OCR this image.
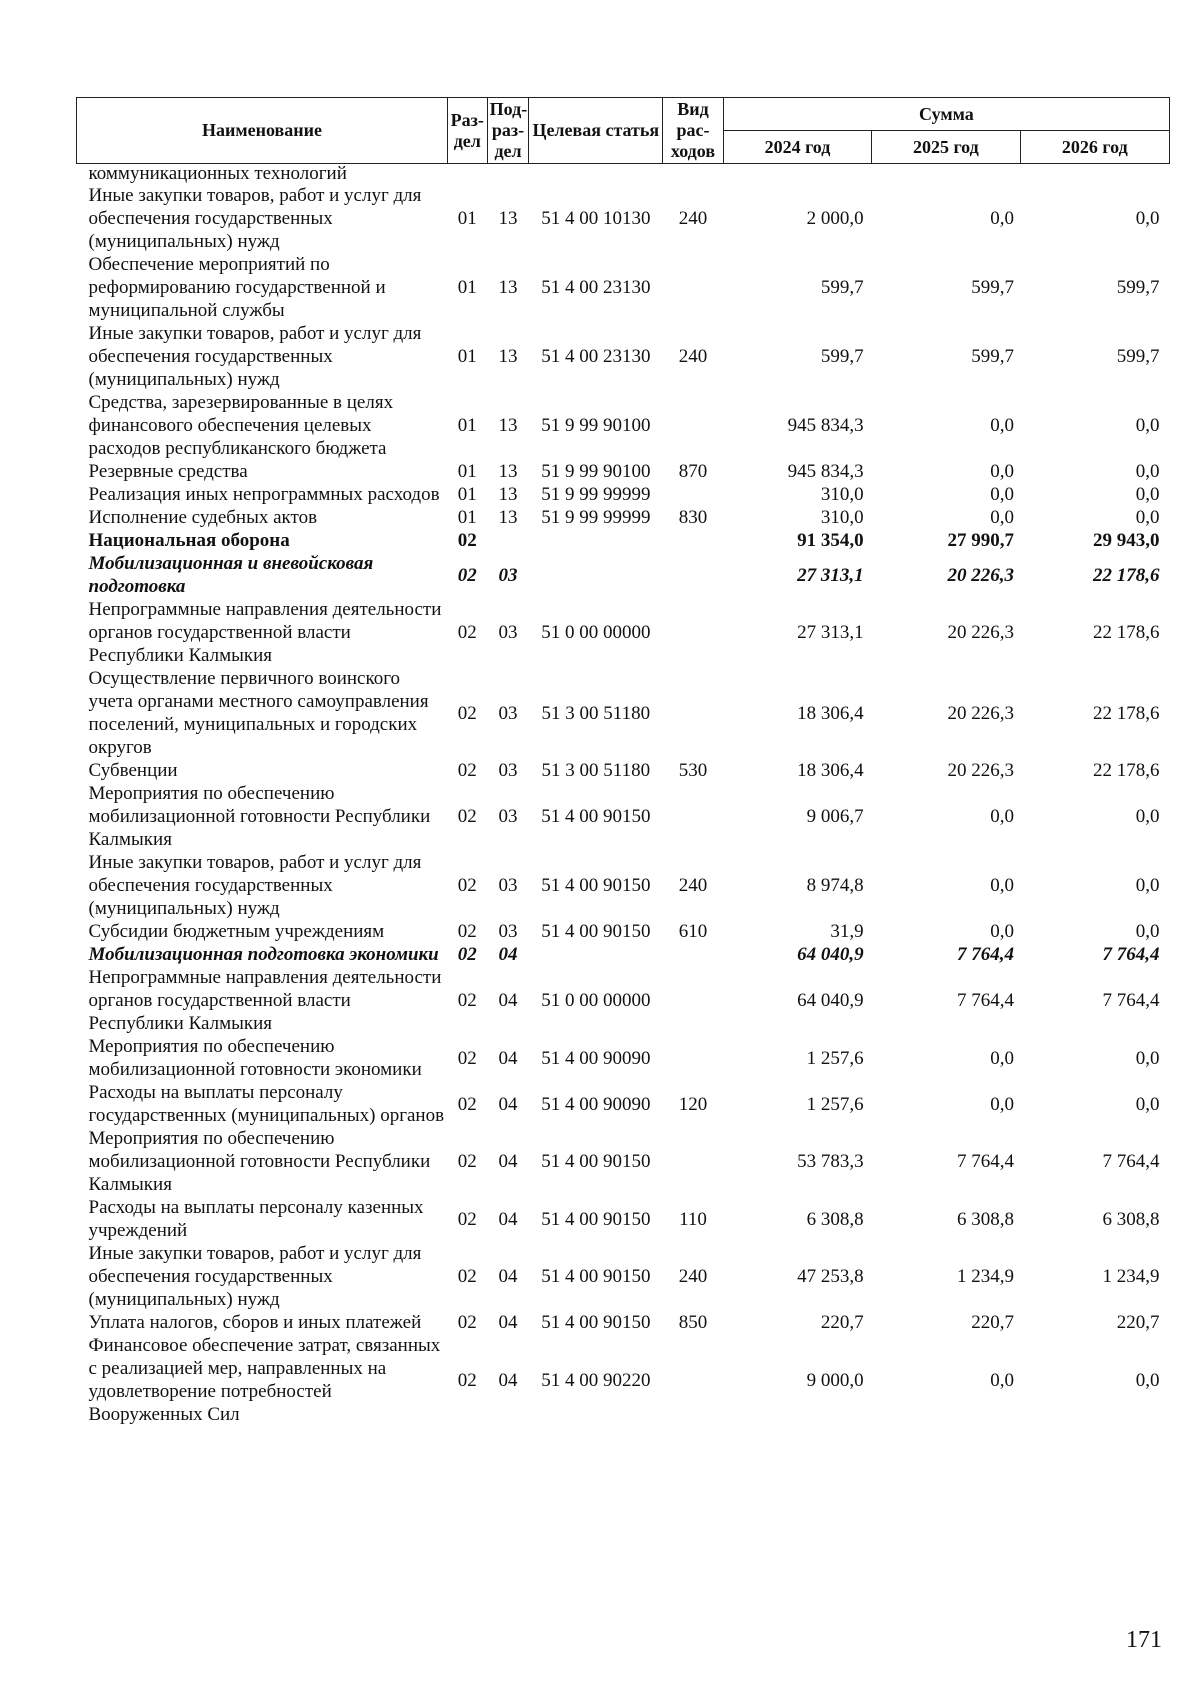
Наименование	Раз-дел	Под-раз-дел	Целевая статья	Вид рас-ходов	Сумма		
					2024 год	2025 год	2026 год
коммуникационных технологий							
Иные закупки товаров, работ и услуг для обеспечения государственных (муниципальных) нужд	01	13	51 4 00 10130	240	2 000,0	0,0	0,0
Обеспечение мероприятий по реформированию государственной и муниципальной службы	01	13	51 4 00 23130		599,7	599,7	599,7
Иные закупки товаров, работ и услуг для обеспечения государственных (муниципальных) нужд	01	13	51 4 00 23130	240	599,7	599,7	599,7
Средства, зарезервированные в целях финансового обеспечения целевых расходов республиканского бюджета	01	13	51 9 99 90100		945 834,3	0,0	0,0
Резервные средства	01	13	51 9 99 90100	870	945 834,3	0,0	0,0
Реализация иных непрограммных расходов	01	13	51 9 99 99999		310,0	0,0	0,0
Исполнение судебных актов	01	13	51 9 99 99999	830	310,0	0,0	0,0
Национальная оборона	02				91 354,0	27 990,7	29 943,0
Мобилизационная и вневойсковая подготовка	02	03			27 313,1	20 226,3	22 178,6
Непрограммные направления деятельности органов государственной власти Республики Калмыкия	02	03	51 0 00 00000		27 313,1	20 226,3	22 178,6
Осуществление первичного воинского учета органами местного самоуправления поселений, муниципальных и городских округов	02	03	51 3 00 51180		18 306,4	20 226,3	22 178,6
Субвенции	02	03	51 3 00 51180	530	18 306,4	20 226,3	22 178,6
Мероприятия по обеспечению мобилизационной готовности Республики Калмыкия	02	03	51 4 00 90150		9 006,7	0,0	0,0
Иные закупки товаров, работ и услуг для обеспечения государственных (муниципальных) нужд	02	03	51 4 00 90150	240	8 974,8	0,0	0,0
Субсидии бюджетным учреждениям	02	03	51 4 00 90150	610	31,9	0,0	0,0
Мобилизационная подготовка экономики	02	04			64 040,9	7 764,4	7 764,4
Непрограммные направления деятельности органов государственной власти Республики Калмыкия	02	04	51 0 00 00000		64 040,9	7 764,4	7 764,4
Мероприятия по обеспечению мобилизационной готовности экономики	02	04	51 4 00 90090		1 257,6	0,0	0,0
Расходы на выплаты персоналу государственных (муниципальных) органов	02	04	51 4 00 90090	120	1 257,6	0,0	0,0
Мероприятия по обеспечению мобилизационной готовности Республики Калмыкия	02	04	51 4 00 90150		53 783,3	7 764,4	7 764,4
Расходы на выплаты персоналу казенных учреждений	02	04	51 4 00 90150	110	6 308,8	6 308,8	6 308,8
Иные закупки товаров, работ и услуг для обеспечения государственных (муниципальных) нужд	02	04	51 4 00 90150	240	47 253,8	1 234,9	1 234,9
Уплата налогов, сборов и иных платежей	02	04	51 4 00 90150	850	220,7	220,7	220,7
Финансовое обеспечение затрат, связанных с реализацией мер, направленных на удовлетворение потребностей Вооруженных Сил	02	04	51 4 00 90220		9 000,0	0,0	0,0
171
